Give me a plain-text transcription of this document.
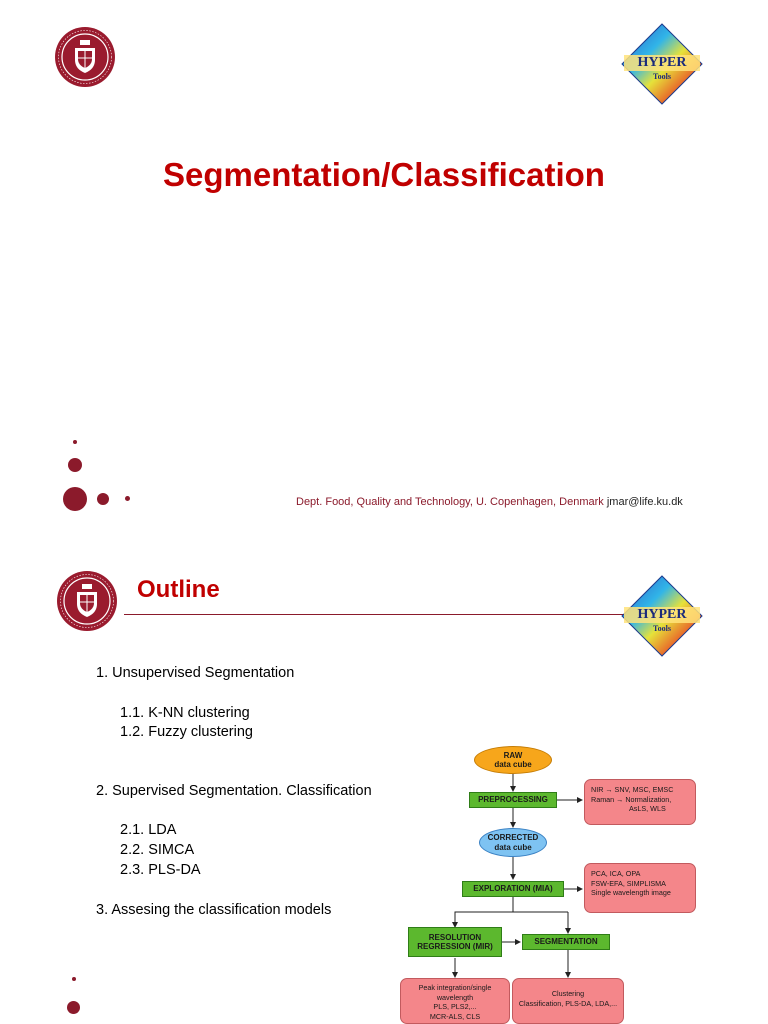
HYPER
Tools
Segmentation/Classification
Dept. Food, Quality and Technology, U. Copenhagen, Denmark jmar@life.ku.dk
Outline
HYPER
Tools
1. Unsupervised Segmentation
1.1. K-NN clustering
1.2. Fuzzy clustering
2. Supervised Segmentation. Classification
2.1. LDA
2.2. SIMCA
2.3. PLS-DA
3. Assesing the classification models
RAW
data cube
PREPROCESSING
NIR → SNV, MSC, EMSC
Raman → Normalization,
AsLS, WLS
CORRECTED
data cube
EXPLORATION (MIA)
PCA, ICA, OPA
FSW-EFA, SIMPLISMA
Single wavelength image
RESOLUTION
REGRESSION (MIR)
SEGMENTATION
Peak integration/single
wavelength
PLS, PLS2,...
MCR-ALS, CLS
Clustering
Classification, PLS-DA, LDA,...
